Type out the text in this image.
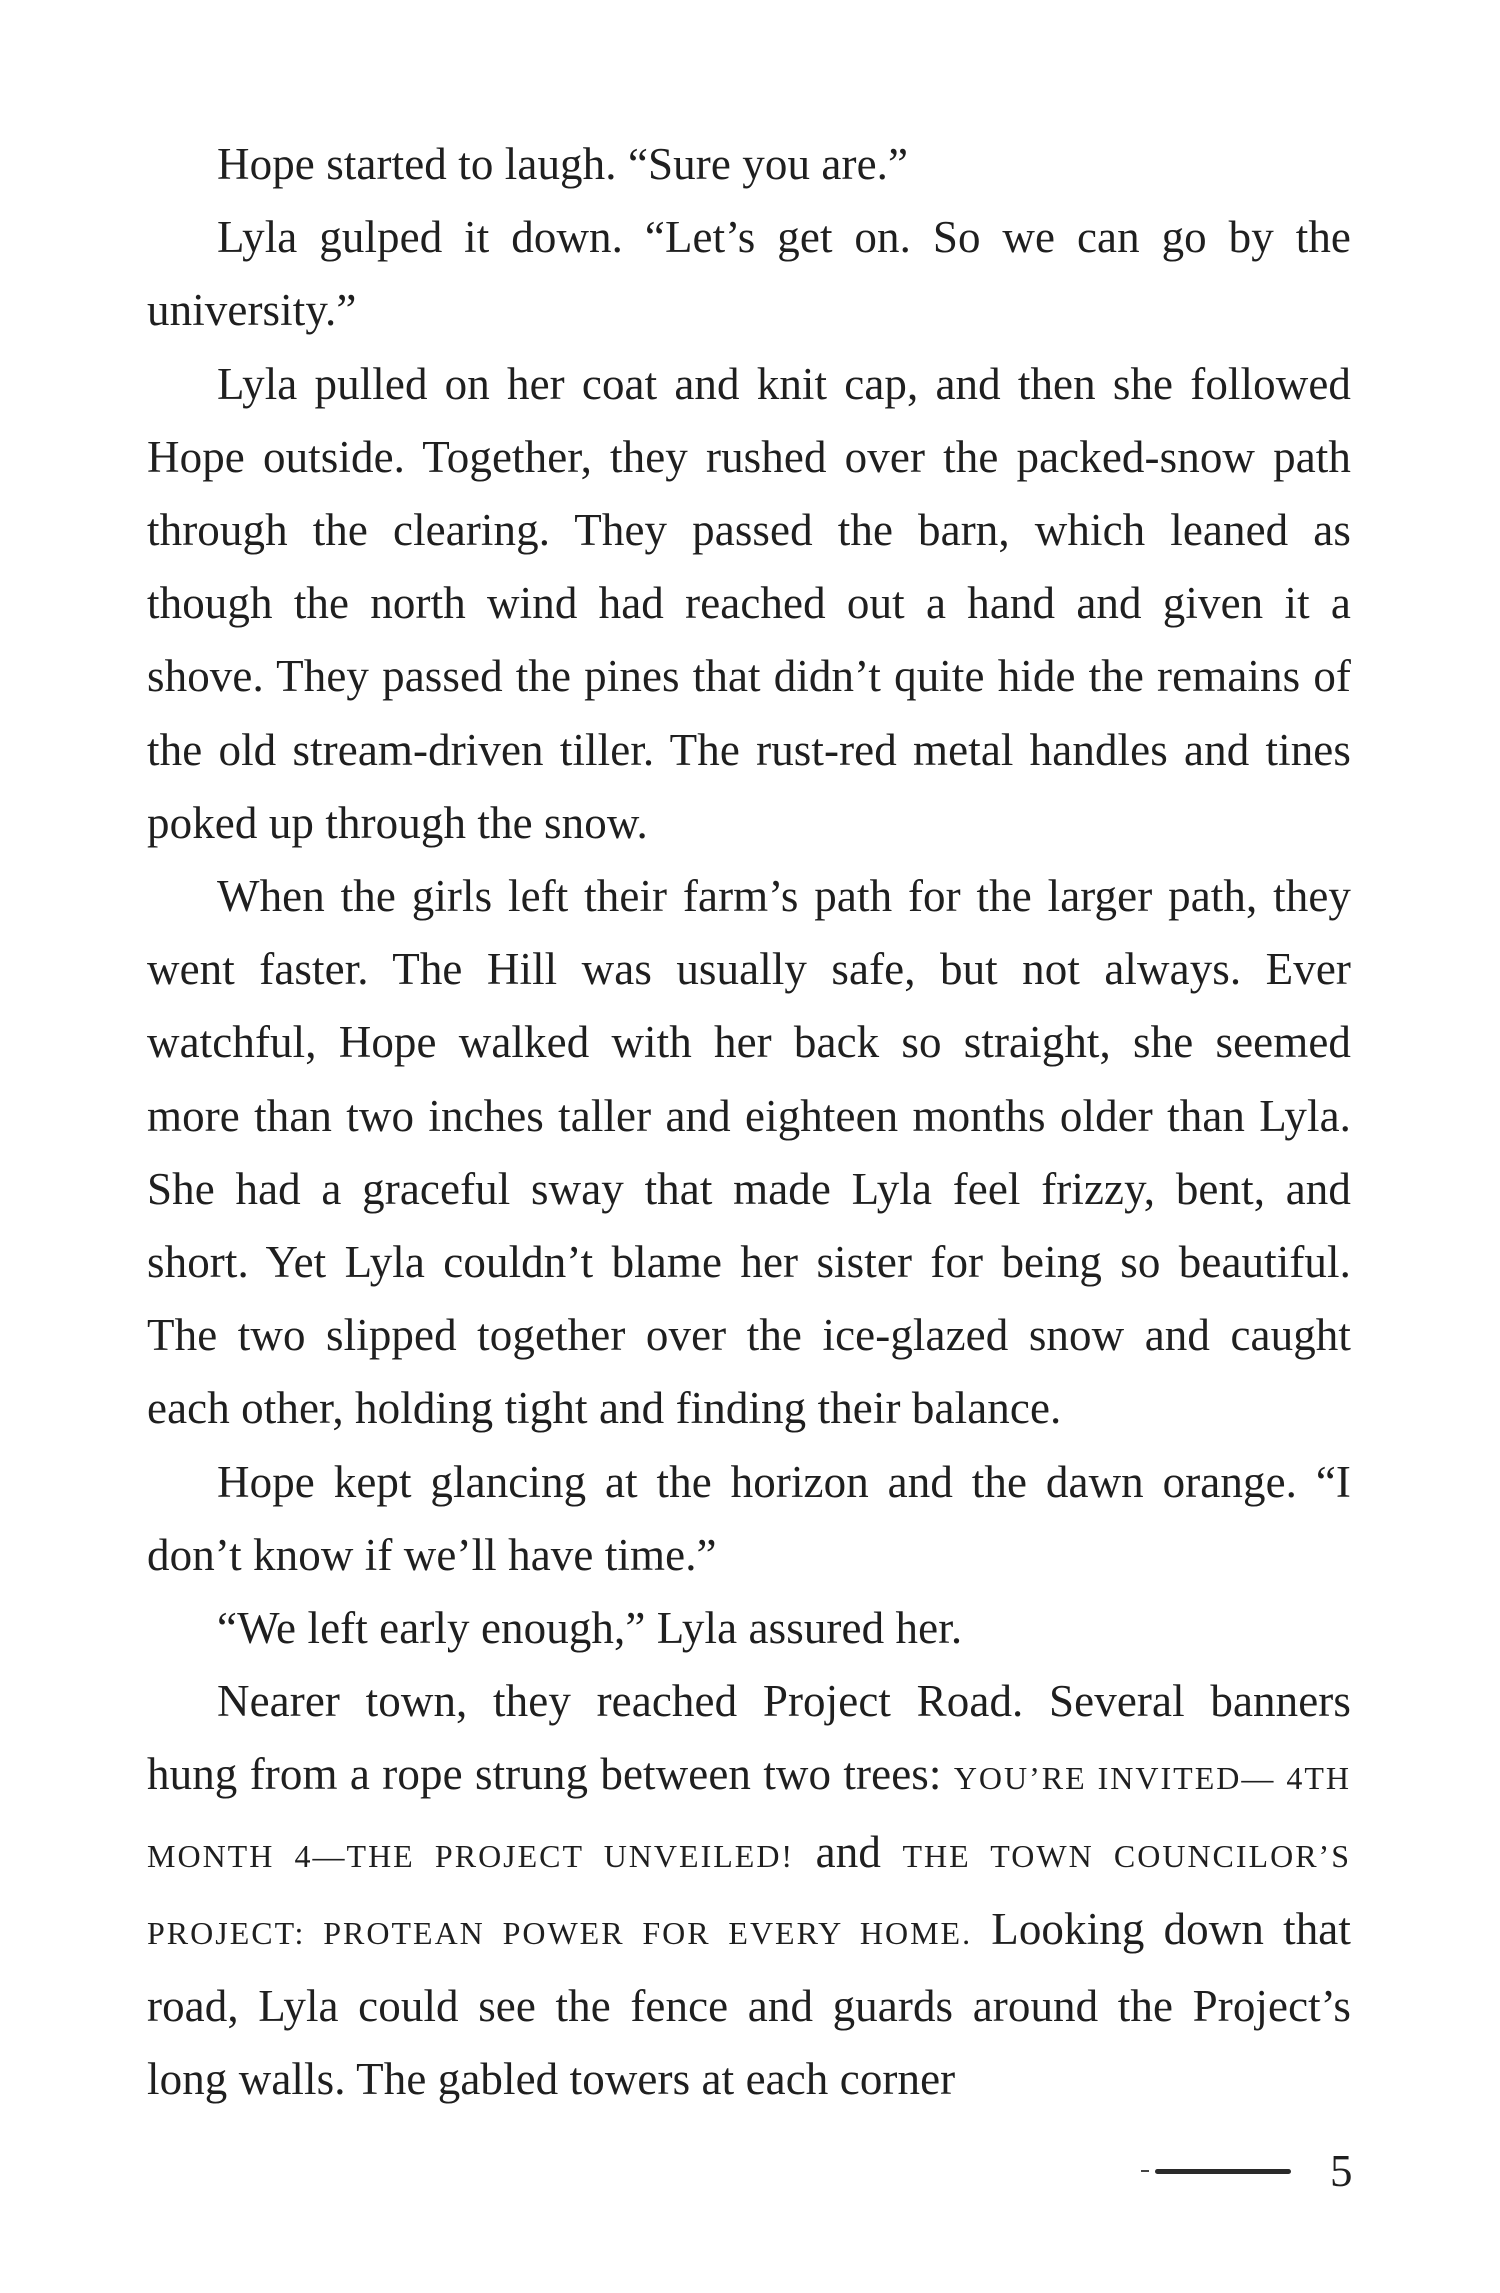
Hope started to laugh. “Sure you are.”

Lyla gulped it down. “Let’s get on. So we can go by the university.”

Lyla pulled on her coat and knit cap, and then she followed Hope outside. Together, they rushed over the packed-snow path through the clearing. They passed the barn, which leaned as though the north wind had reached out a hand and given it a shove. They passed the pines that didn’t quite hide the remains of the old stream-driven tiller. The rust-red metal handles and tines poked up through the snow.

When the girls left their farm’s path for the larger path, they went faster. The Hill was usually safe, but not always. Ever watchful, Hope walked with her back so straight, she seemed more than two inches taller and eighteen months older than Lyla. She had a graceful sway that made Lyla feel frizzy, bent, and short. Yet Lyla couldn’t blame her sister for being so beautiful. The two slipped together over the ice-glazed snow and caught each other, holding tight and finding their balance.

Hope kept glancing at the horizon and the dawn orange. “I don’t know if we’ll have time.”

“We left early enough,” Lyla assured her.

Nearer town, they reached Project Road. Several banners hung from a rope strung between two trees: YOU’RE INVITED— 4TH MONTH 4—THE PROJECT UNVEILED! and THE TOWN COUNCILOR’S PROJECT: PROTEAN POWER FOR EVERY HOME. Looking down that road, Lyla could see the fence and guards around the Project’s long walls. The gabled towers at each corner

5
